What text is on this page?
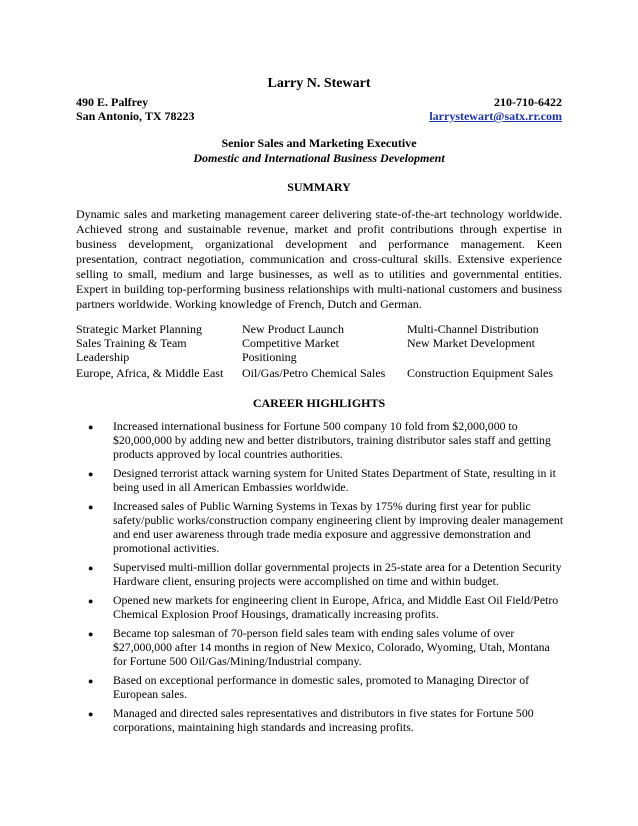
Larry N. Stewart
490 E. Palfrey
San Antonio, TX 78223
210-710-6422
larrystewart@satx.rr.com
Senior Sales and Marketing Executive
Domestic and International Business Development
SUMMARY
Dynamic sales and marketing management career delivering state-of-the-art technology worldwide. Achieved strong and sustainable revenue, market and profit contributions through expertise in business development, organizational development and performance management. Keen presentation, contract negotiation, communication and cross-cultural skills. Extensive experience selling to small, medium and large businesses, as well as to utilities and governmental entities. Expert in building top-performing business relationships with multi-national customers and business partners worldwide. Working knowledge of French, Dutch and German.
Strategic Market Planning
Sales Training & Team
Leadership
Europe, Africa, & Middle East
New Product Launch
Competitive Market
Positioning
Oil/Gas/Petro Chemical Sales
Multi-Channel Distribution
New Market Development
Construction Equipment Sales
CAREER HIGHLIGHTS
● Increased international business for Fortune 500 company 10 fold from $2,000,000 to $20,000,000 by adding new and better distributors, training distributor sales staff and getting products approved by local countries authorities.
● Designed terrorist attack warning system for United States Department of State, resulting in it being used in all American Embassies worldwide.
● Increased sales of Public Warning Systems in Texas by 175% during first year for public safety/public works/construction company engineering client by improving dealer management and end user awareness through trade media exposure and aggressive demonstration and promotional activities.
● Supervised multi-million dollar governmental projects in 25-state area for a Detention Security Hardware client, ensuring projects were accomplished on time and within budget.
● Opened new markets for engineering client in Europe, Africa, and Middle East Oil Field/Petro Chemical Explosion Proof Housings, dramatically increasing profits.
● Became top salesman of 70-person field sales team with ending sales volume of over $27,000,000 after 14 months in region of New Mexico, Colorado, Wyoming, Utah, Montana for Fortune 500 Oil/Gas/Mining/Industrial company.
● Based on exceptional performance in domestic sales, promoted to Managing Director of European sales.
● Managed and directed sales representatives and distributors in five states for Fortune 500 corporations, maintaining high standards and increasing profits.
